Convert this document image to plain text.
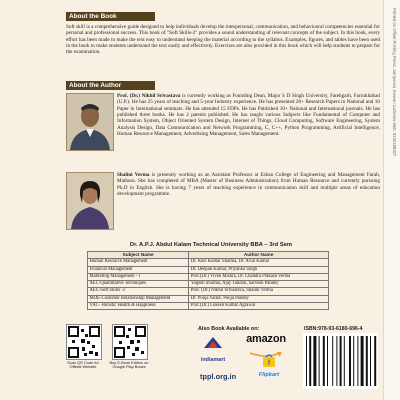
Printed on Offset Printing Press, Jainpurwa Jeewan Lucknow Mob. 9235188307
About the Book
Soft skill is a comprehensive guide designed to help individuals develop the interpersonal, communication, and behavioural competencies essential for personal and professional success. This book of "Soft Skills-2" provides a sound understanding of relevant concepts of the subject. In this book, every effort has been made to make the text easy to understand keeping the material according to the syllabus. Examples, figures, and tables have been used in the book to make students understand the text easily and effectively. Exercises are also provided in this book which will help students to prepare for the examination.
About the Author
Prof. (Dr.) Nikhil Srivastava is currently working as Founding Dean, Major S D Singh University, Fatehgarh, Farrukhabad (U.P.). He has 25 years of teaching and 5-year Industry experience. He has presented 20+ Research Papers in National and 10 Paper in International seminars. He has attended 15 FDPs. He has Published 10+ National and International journals. He has published three books. He has 2 patents published. He has taught various Subjects like Fundamental of Computer and Information System, Object Oriented System Design, Internet of Things, Cloud Computing, Software Engineering, System Analysis Design, Data Communication and Network Programming, C, C++, Python Programming, Artificial Intelligence, Human Resource Management, Advertising Management, Sales Management.
Shalini Verma is presently working as an Assistant Professor at Eshan College of Engineering and Management Farah, Mathura. She has completed of MBA (Master of Business Administration) from Human Resource and currently pursuing Ph.D in English. She is having 7 years of teaching experience in communication skill and multiple areas of education development programme.
Dr. A.P.J. Abdul Kalam Technical University BBA – 3rd Sem
Subject Name	Author Name
Human Resource Management	Dr. Ravi Kumar Sharma, Dr. Arun Kumar
Financial Management	Dr. Deepak Kumar, Priyanka Singh
Marketing Management - I	Prof.(Dr.) Vivek Mishra, Dr. Chandra Prakash Verma
AEC-Quantitative Techniques	Yogesh Sharma, Ajay Tandon, Sarvesh Pandey
AEC-Soft Skills -2	Prof. (Dr.) Nikhil Srivastava, Shalini Verma
MDE-Customer Relationship Management	Dr. Pooja Yadav, Pooja Pandey
VAC- Holistic Health & Happiness	Prof.(Dr.) Lokesh Kumar Agrawal
Scan QR Code for Official Website
Buy E-Book Edition on Google Play Books
Also Book Available on:
indiamart
amazon
f
Flipkart
tppl.org.in
ISBN:978-93-6180-696-4
